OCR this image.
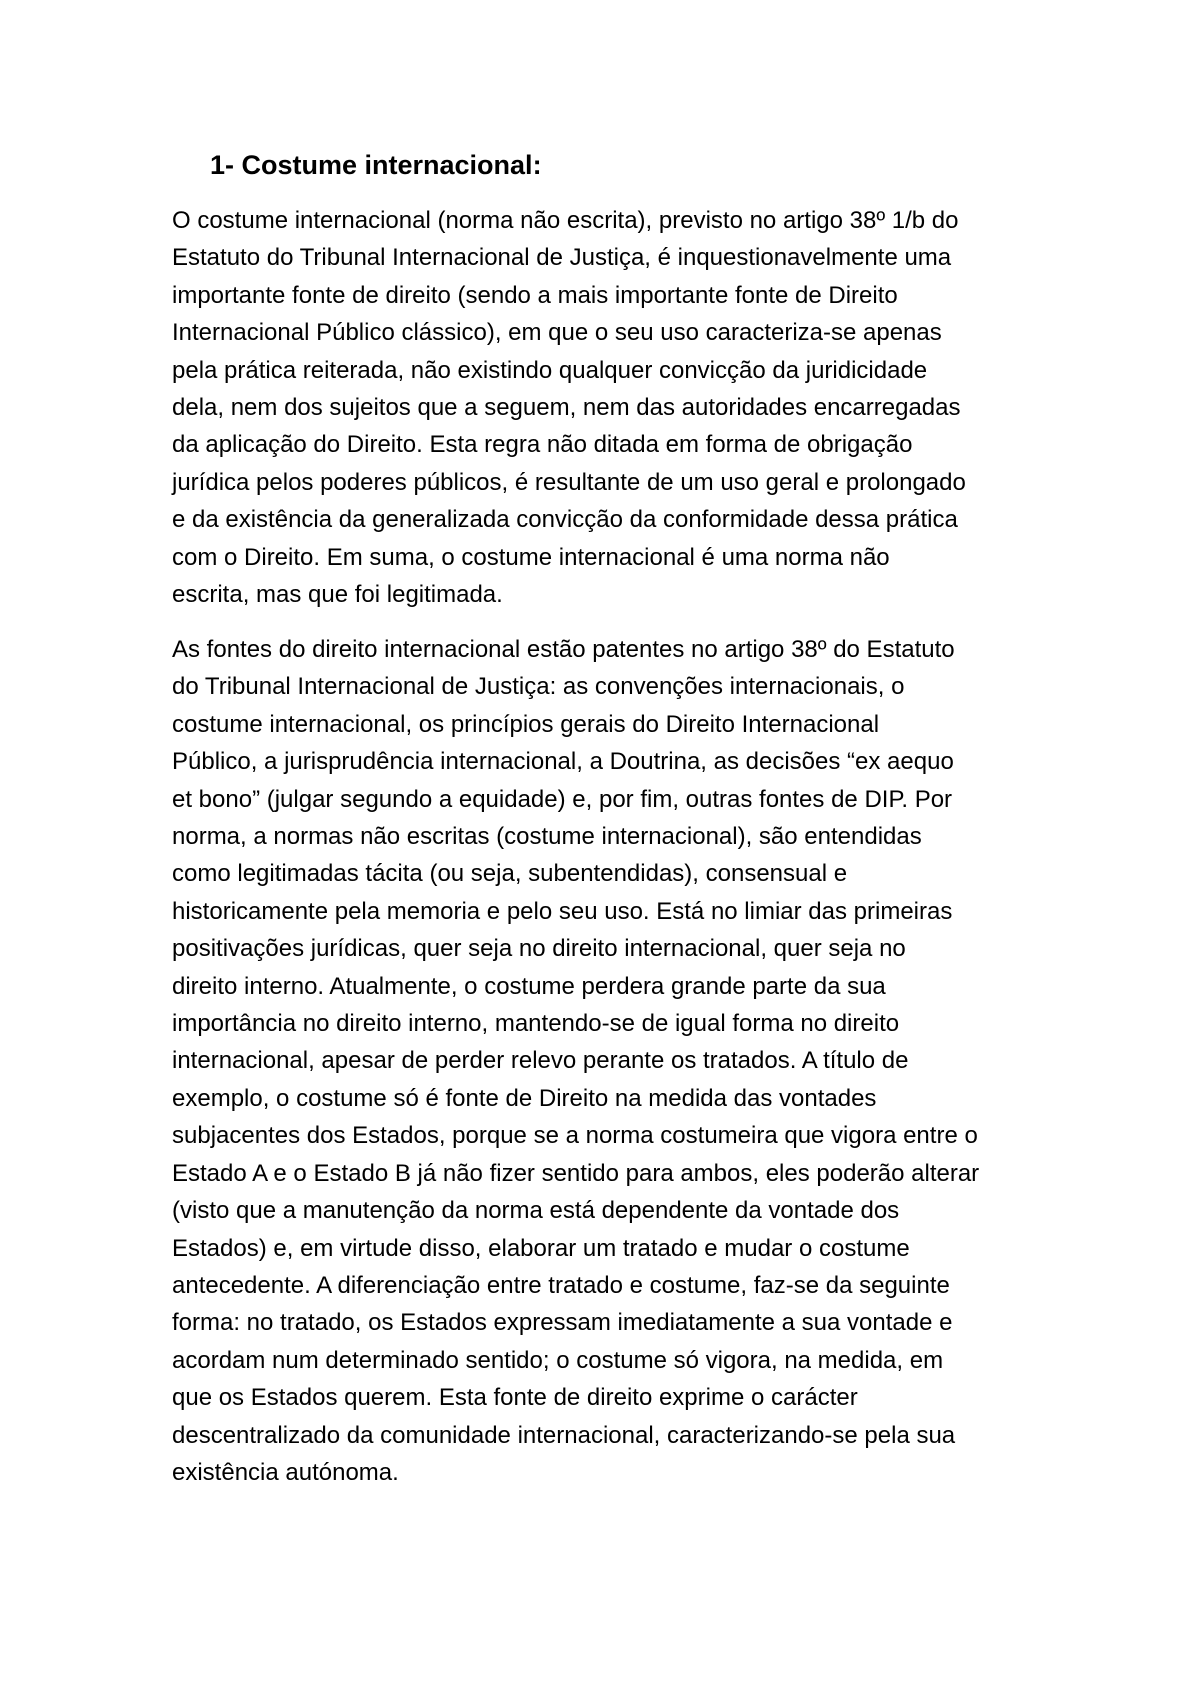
1- Costume internacional:
O costume internacional (norma não escrita), previsto no artigo 38º 1/b do
Estatuto do Tribunal Internacional de Justiça, é inquestionavelmente uma
importante fonte de direito (sendo a mais importante fonte de Direito
Internacional Público clássico), em que o seu uso caracteriza-se apenas
pela prática reiterada, não existindo qualquer convicção da juridicidade
dela, nem dos sujeitos que a seguem, nem das autoridades encarregadas
da aplicação do Direito. Esta regra não ditada em forma de obrigação
jurídica pelos poderes públicos, é resultante de um uso geral e prolongado
e da existência da generalizada convicção da conformidade dessa prática
com o Direito. Em suma, o costume internacional é uma norma não
escrita, mas que foi legitimada.
As fontes do direito internacional estão patentes no artigo 38º do Estatuto
do Tribunal Internacional de Justiça: as convenções internacionais, o
costume internacional, os princípios gerais do Direito Internacional
Público, a jurisprudência internacional, a Doutrina, as decisões “ex aequo
et bono” (julgar segundo a equidade) e, por fim, outras fontes de DIP. Por
norma, a normas não escritas (costume internacional), são entendidas
como legitimadas tácita (ou seja, subentendidas), consensual e
historicamente pela memoria e pelo seu uso. Está no limiar das primeiras
positivações jurídicas, quer seja no direito internacional, quer seja no
direito interno. Atualmente, o costume perdera grande parte da sua
importância no direito interno, mantendo-se de igual forma no direito
internacional, apesar de perder relevo perante os tratados. A título de
exemplo, o costume só é fonte de Direito na medida das vontades
subjacentes dos Estados, porque se a norma costumeira que vigora entre o
Estado A e o Estado B já não fizer sentido para ambos, eles poderão alterar
(visto que a manutenção da norma está dependente da vontade dos
Estados) e, em virtude disso, elaborar um tratado e mudar o costume
antecedente. A diferenciação entre tratado e costume, faz-se da seguinte
forma: no tratado, os Estados expressam imediatamente a sua vontade e
acordam num determinado sentido; o costume só vigora, na medida, em
que os Estados querem. Esta fonte de direito exprime o carácter
descentralizado da comunidade internacional, caracterizando-se pela sua
existência autónoma.
